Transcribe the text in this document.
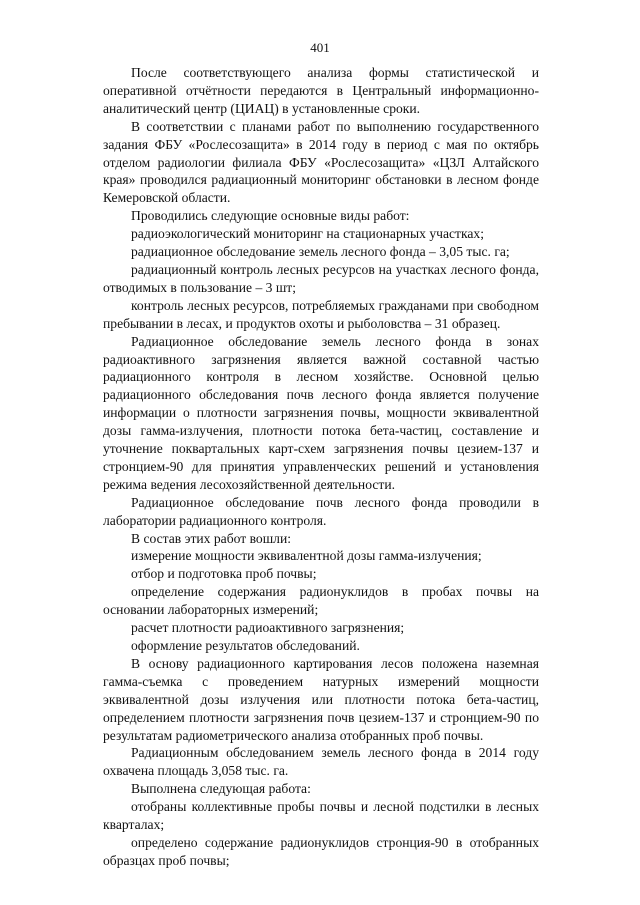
401

После соответствующего анализа формы статистической и оперативной отчётности передаются в Центральный информационно-аналитический центр (ЦИАЦ) в установленные сроки.

В соответствии с планами работ по выполнению государственного задания ФБУ «Рослесозащита» в 2014 году в период с мая по октябрь отделом радиологии филиала ФБУ «Рослесозащита» «ЦЗЛ Алтайского края» проводился радиационный мониторинг обстановки в лесном фонде Кемеровской области.

Проводились следующие основные виды работ:

радиоэкологический мониторинг на стационарных участках;

радиационное обследование земель лесного фонда – 3,05 тыс. га;

радиационный контроль лесных ресурсов на участках лесного фонда, отводимых в пользование – 3 шт;

контроль лесных ресурсов, потребляемых гражданами при свободном пребывании в лесах, и продуктов охоты и рыболовства – 31 образец.

Радиационное обследование земель лесного фонда в зонах радиоактивного загрязнения является важной составной частью радиационного контроля в лесном хозяйстве. Основной целью радиационного обследования почв лесного фонда является получение информации о плотности загрязнения почвы, мощности эквивалентной дозы гамма-излучения, плотности потока бета-частиц, составление и уточнение поквартальных карт-схем загрязнения почвы цезием-137 и стронцием-90 для принятия управленческих решений и установления режима ведения лесохозяйственной деятельности.

Радиационное обследование почв лесного фонда проводили в лаборатории радиационного контроля.

В состав этих работ вошли:

измерение мощности эквивалентной дозы гамма-излучения;

отбор и подготовка проб почвы;

определение содержания радионуклидов в пробах почвы на основании лабораторных измерений;

расчет плотности радиоактивного загрязнения;

оформление результатов обследований.

В основу радиационного картирования лесов положена наземная гамма-съемка с проведением натурных измерений мощности эквивалентной дозы излучения или плотности потока бета-частиц, определением плотности загрязнения почв цезием-137 и стронцием-90 по результатам радиометрического анализа отобранных проб почвы.

Радиационным обследованием земель лесного фонда в 2014 году охвачена площадь 3,058 тыс. га.

Выполнена следующая работа:

отобраны коллективные пробы почвы и лесной подстилки в лесных кварталах;

определено содержание радионуклидов стронция-90 в отобранных образцах проб почвы;
